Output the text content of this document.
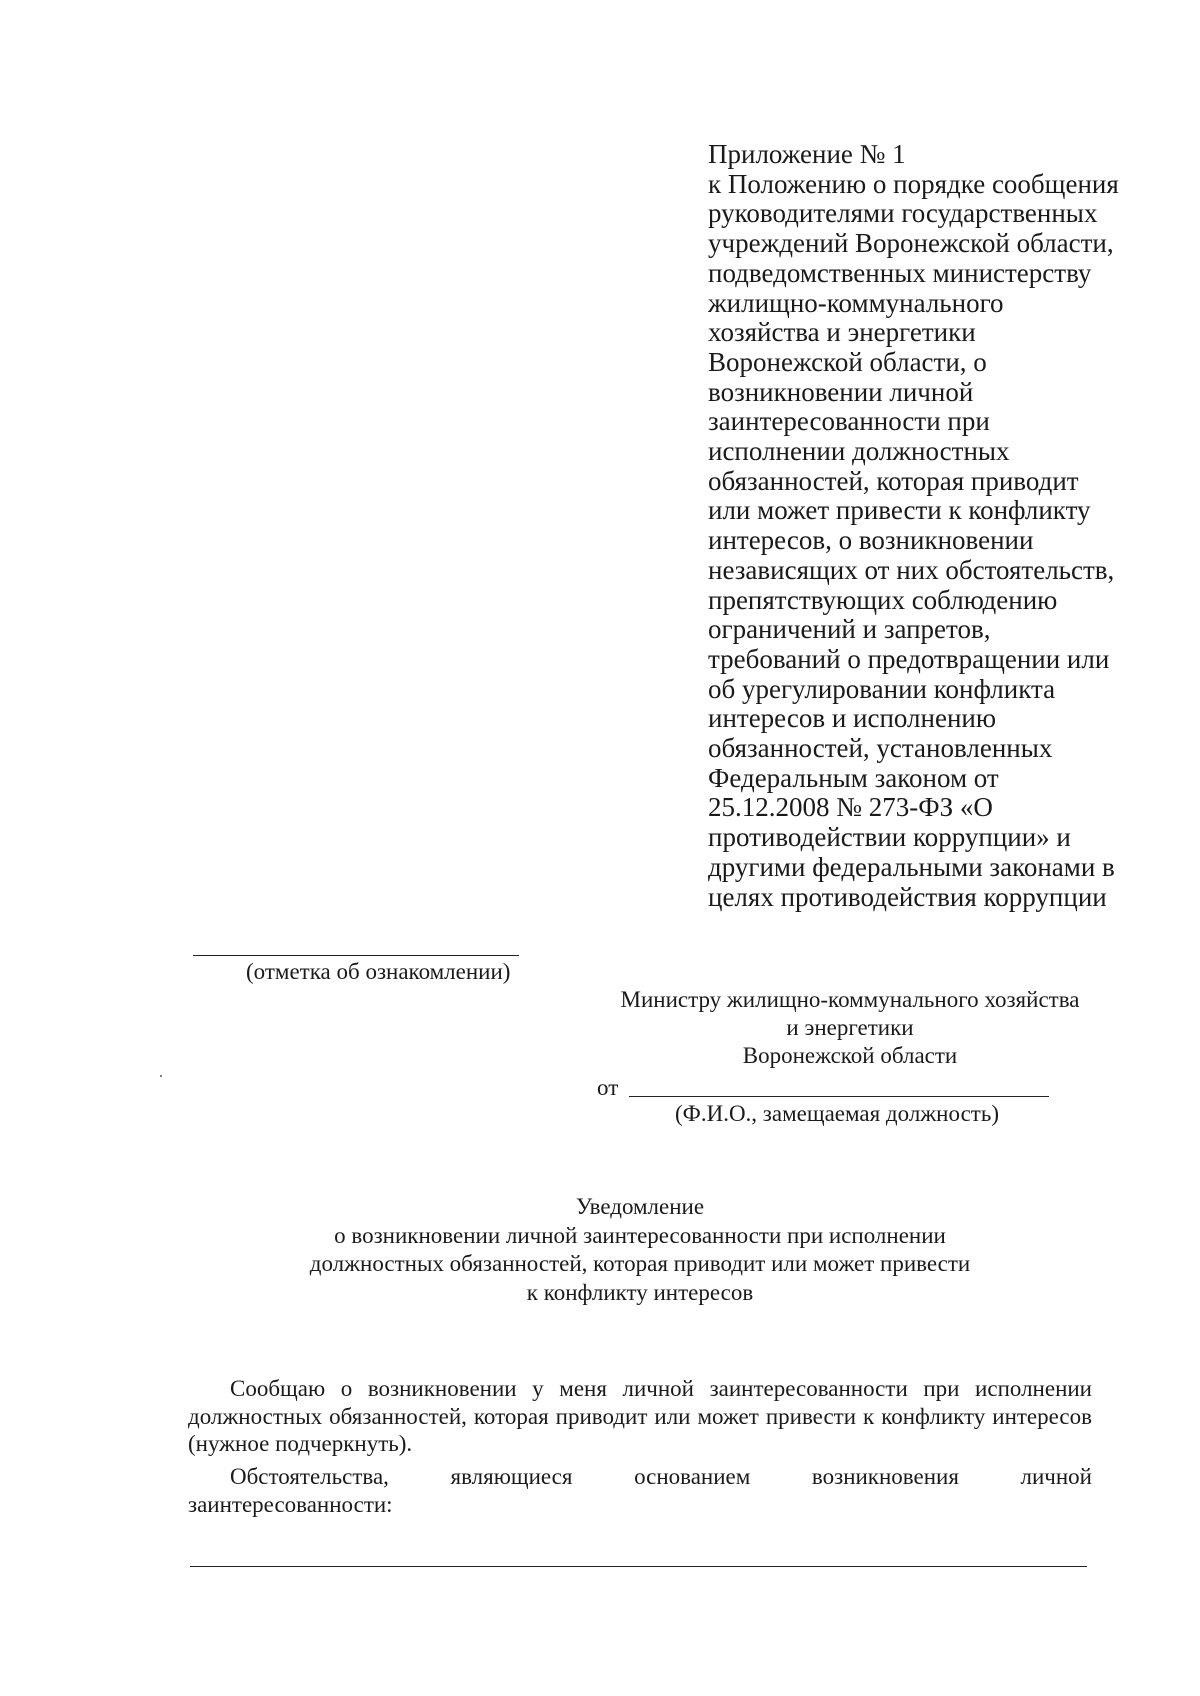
Приложение № 1
к Положению о порядке сообщения
руководителями государственных
учреждений Воронежской области,
подведомственных министерству
жилищно-коммунального
хозяйства и энергетики
Воронежской области, о
возникновении личной
заинтересованности при
исполнении должностных
обязанностей, которая приводит
или может привести к конфликту
интересов, о возникновении
независящих от них обстоятельств,
препятствующих соблюдению
ограничений и запретов,
требований о предотвращении или
об урегулировании конфликта
интересов и исполнению
обязанностей, установленных
Федеральным законом от
25.12.2008 № 273-ФЗ «О
противодействии коррупции» и
другими федеральными законами в
целях противодействия коррупции
(отметка об ознакомлении)
Министру жилищно-коммунального хозяйства
и энергетики
Воронежской области
от
(Ф.И.О., замещаемая должность)
Уведомление
о возникновении личной заинтересованности при исполнении
должностных обязанностей, которая приводит или может привести
к конфликту интересов
Сообщаю о возникновении у меня личной заинтересованности при исполнении должностных обязанностей, которая приводит или может привести к конфликту интересов (нужное подчеркнуть).
Обстоятельства, являющиеся основанием возникновения личной
заинтересованности:
